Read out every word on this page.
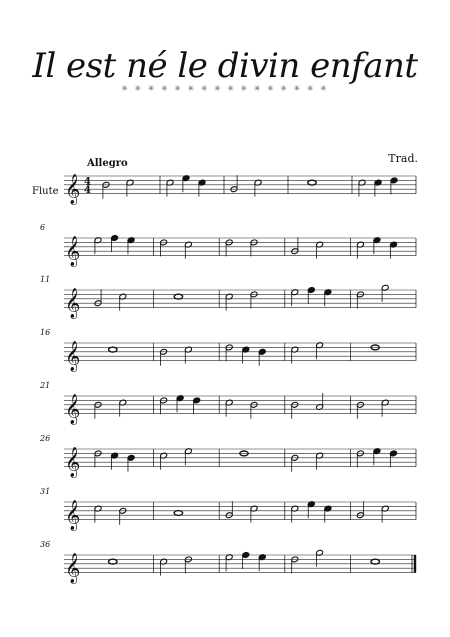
Il est né le divin enfant
✳ ✳ ✳ ✳ ✳ ✳ ✳ ✳ ✳ ✳ ✳ ✳ ✳ ✳ ✳ ✳
Trad.
Allegro
Flute
6
11
16
21
26
31
36
𝄞 4
4
𝄞
𝄞
𝄞
𝄞
𝄞
𝄞
𝄞
